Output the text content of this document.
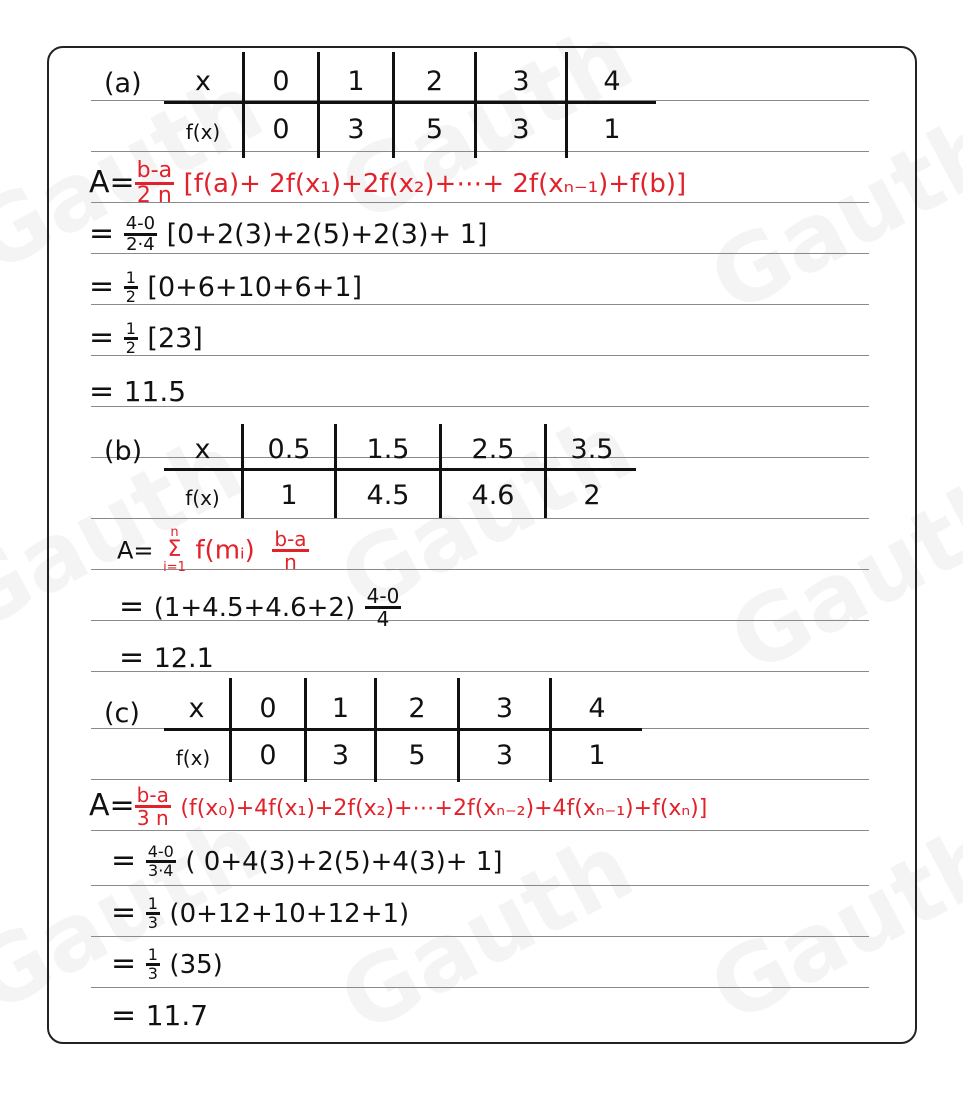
(a)	x	0	1	2	3	4
f(x)	0	3	5	3	1
$A= \frac{b-a}{2 n} [f(a)+$ 2f(x₁)+2f(x₂)+⋯+ 2f(xₙ₋₁)+f(b)]
= $\frac{4-0}{2\cdot 4} [0+2(3)+2(5)+2(3)+ 1]$
= $\frac{1}{2} [0+6+10+6+1]$
= $\frac{1}{2} [23]$
= 11.5
(b)	x	0.5	1.5	2.5	3.5
f(x)	1	4.5	4.6	2
A=
n
Σ
i=1
f(mᵢ) $\frac{b-a}{n}$
= $(1+4.5+4.6+2) \frac{4-0}{4}$
= 12.1
(c)	x	0	1	2	3	4
f(x)	0	3	5	3	1
$A= \frac{b-a}{3 n}$ (f(x₀)+4f(x₁)+2f(x₂)+⋯+2f(xₙ₋₂)+4f(xₙ₋₁)+f(xₙ)]
= $\frac{4-0}{3\cdot 4}$ ( 0+4(3)+2(5)+4(3)+ 1]
= $\frac{1}{3} (0+12+10+12+1)$
= $\frac{1}{3} (35)$
= 11.7
